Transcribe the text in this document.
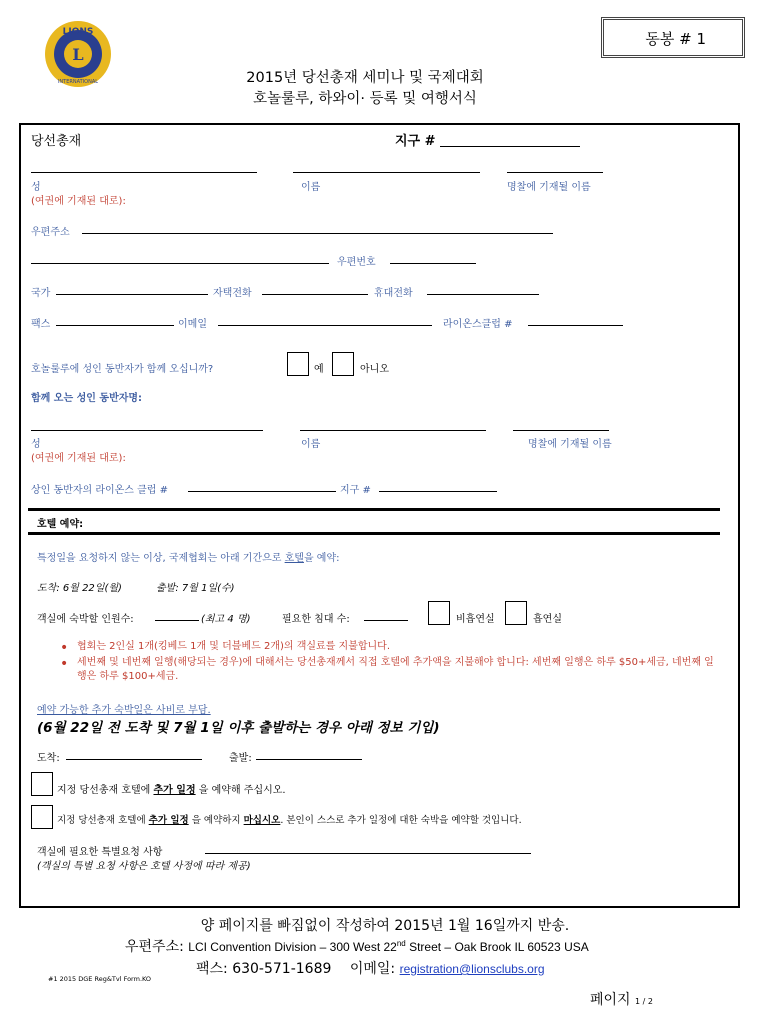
LIONS
INTERNATIONAL
L
동봉 # 1
2015년 당선총재 세미나 및 국제대회
호놀룰루, 하와이· 등록 및 여행서식
당선총재	지구 #
성	이름	명찰에 기재될 이름
(여권에 기재된 대로):
우편주소
우편번호
국가	자택전화	휴대전화
팩스	이메일	라이온스클럽 #
호놀룰루에 성인 동반자가 함께 오십니까?	예	아니오
함께 오는 성인 동반자명:
성	이름	명찰에 기재될 이름
(여권에 기재된 대로):
상인 동반자의 라이온스 클럽 #	지구 #
호텔 예약:
특정일을 요청하지 않는 이상, 국제협회는 아래 기간으로 호텔을 예약:
도착: 6월 22일(월)	출발: 7월 1일(수)
객실에 숙박할 인원수:	(최고 4 명)	필요한 침대 수:	비흡연실	흡연실
• 협회는 2인실 1개(킹베드 1개 및 더블베드 2개)의 객실료를 지불합니다.
• 세번째 및 네번째 일행(해당되는 경우)에 대해서는 당선총재께서 직접 호텔에 추가액을 지불해야 합니다: 세번째 일행은 하루 $50+세금, 네번째 일행은 하루 $100+세금.
예약 가능한 추가 숙박일은 사비로 부담.
(6월 22일 전 도착 및 7월 1일 이후 출발하는 경우 아래 정보 기입)
도착:	출발:
지정 당선총재 호텔에 추가 일정 을 예약해 주십시오.
지정 당선총재 호텔에 추가 일정 을 예약하지 마십시오. 본인이 스스로 추가 일정에 대한 숙박을 예약할 것입니다.
객실에 필요한 특별요청 사항
(객실의 특별 요청 사항은 호텔 사정에 따라 제공)
양 페이지를 빠짐없이 작성하여 2015년 1월 16일까지 반송.
우편주소: LCI Convention Division – 300 West 22nd Street – Oak Brook IL 60523 USA
팩스: 630-571-1689 이메일: registration@lionsclubs.org
#1 2015 DGE Reg&Tvl Form.KO
페이지 1 / 2
